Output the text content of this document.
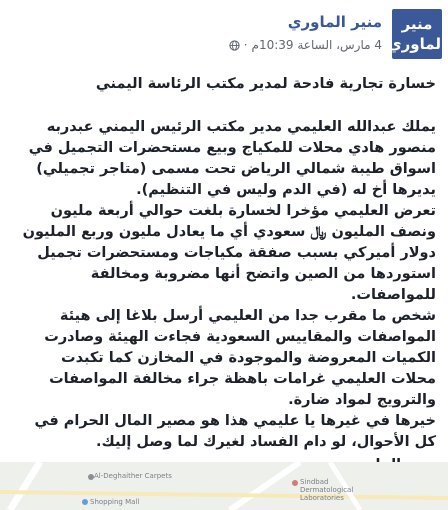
منير
الماوري
منير الماوري
4 مارس، الساعة 10:39م
·

خسارة تجارية فادحة لمدير مكتب الرئاسة اليمني

يملك عبدالله العليمي مدير مكتب الرئيس اليمني عبدربه منصور هادي محلات للمكياج وبيع مستحضرات التجميل في اسواق طيبة شمالي الرياض تحت مسمى (متاجر تجميلي) يديرها أخ له (في الدم وليس في التنظيم).

تعرض العليمي مؤخرا لخسارة بلغت حوالي أربعة مليون ونصف المليون ﷼ سعودي أي ما يعادل مليون وربع المليون دولار أميركي بسبب صفقة مكياجات ومستحضرات تجميل استوردها من الصين واتضح أنها مضروبة ومخالفة للمواصفات.

شخص ما مقرب جدا من العليمي أرسل بلاغا إلى هيئة المواصفات والمقاييس السعودية فجاءت الهيئة وصادرت الكميات المعروضة والموجودة في المخازن كما تكبدت محلات العليمي غرامات باهظة جراء مخالفة المواصفات والترويج لمواد ضارة.

خيرها في غيرها يا عليمي هذا هو مصير المال الحرام في كل الأحوال، لو دام الفساد لغيرك لما وصل إليك.

Al-Deghaither Carpets
Shopping Mall
Sindbad Dermatological Laboratories
